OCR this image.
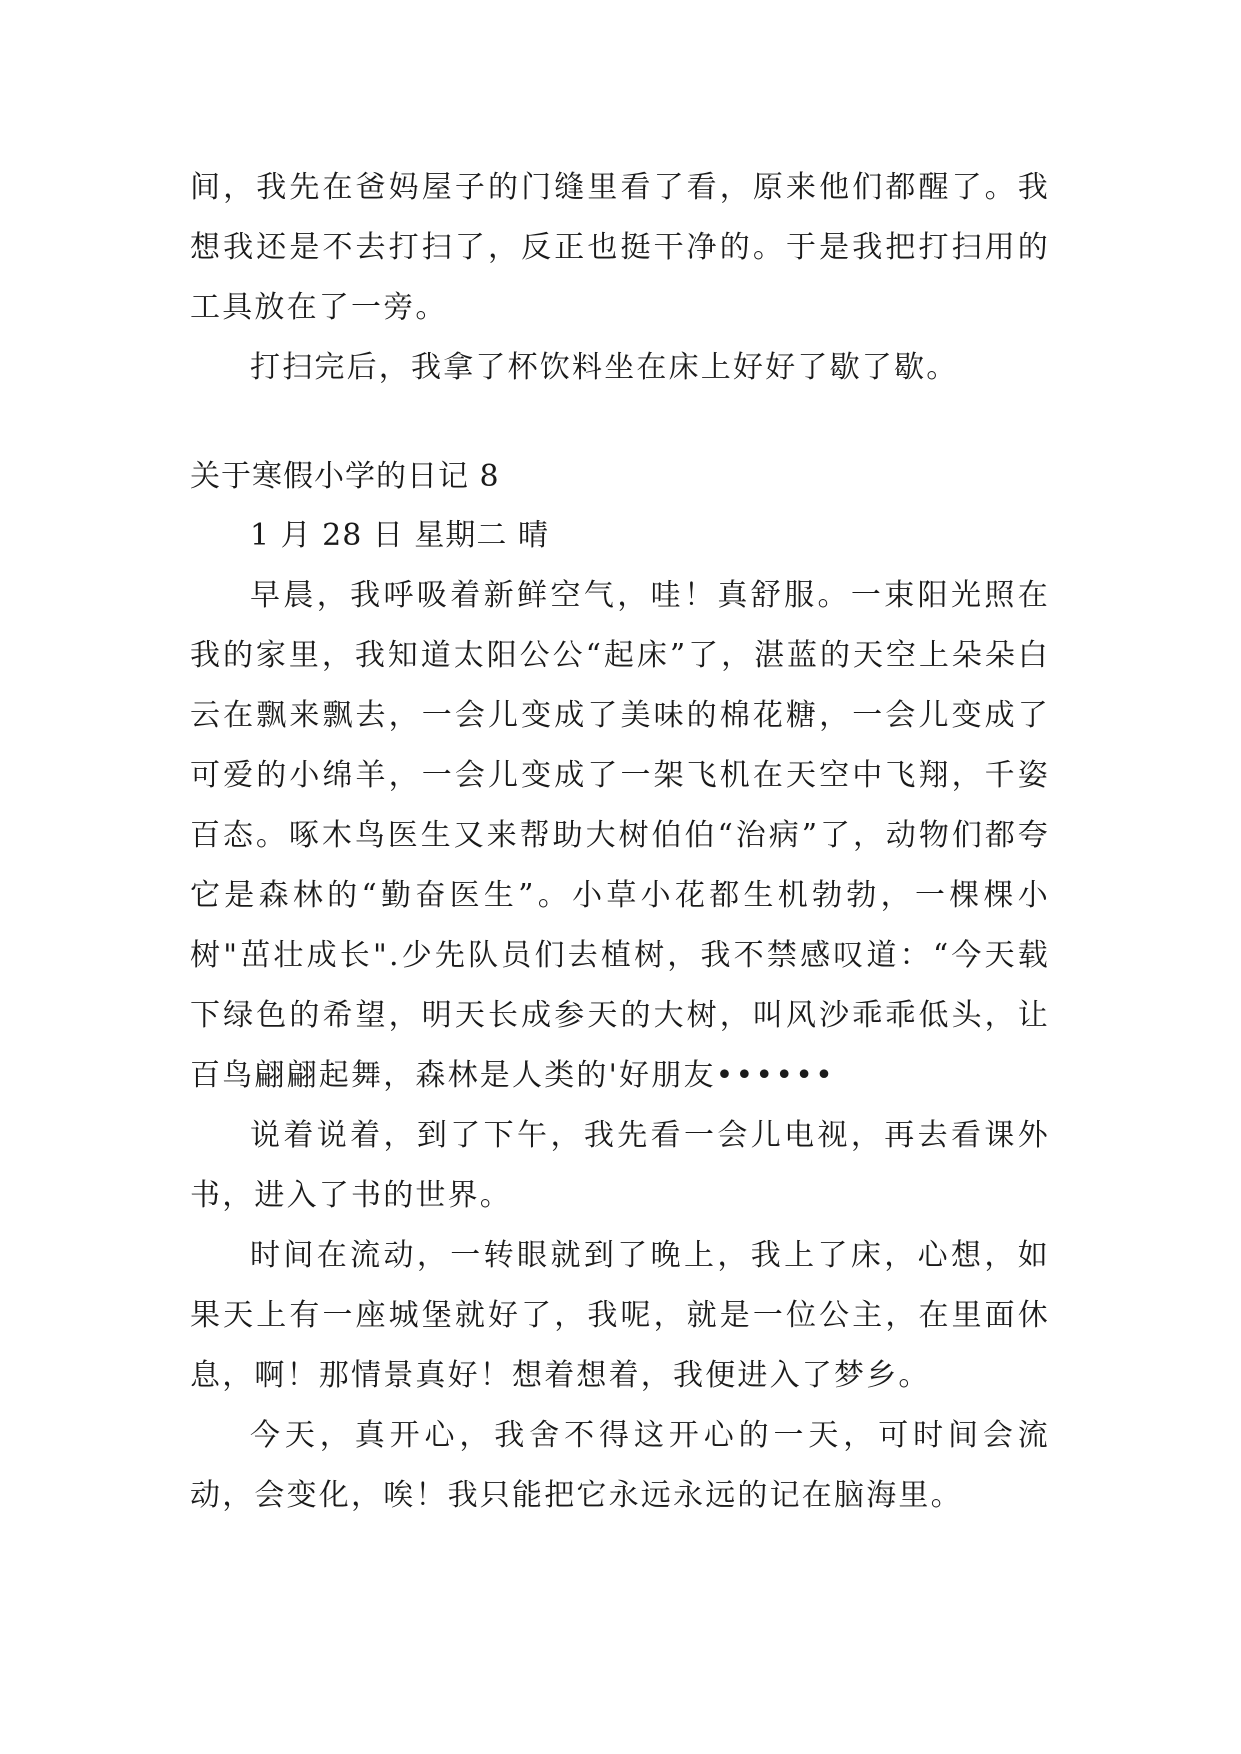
间，我先在爸妈屋子的门缝里看了看，原来他们都醒了。我想我还是不去打扫了，反正也挺干净的。于是我把打扫用的工具放在了一旁。

打扫完后，我拿了杯饮料坐在床上好好了歇了歇。

关于寒假小学的日记 8

1 月 28 日 星期二 晴

早晨，我呼吸着新鲜空气，哇！真舒服。一束阳光照在我的家里，我知道太阳公公“起床”了，湛蓝的天空上朵朵白云在飘来飘去，一会儿变成了美味的棉花糖，一会儿变成了可爱的小绵羊，一会儿变成了一架飞机在天空中飞翔，千姿百态。啄木鸟医生又来帮助大树伯伯“治病”了，动物们都夸它是森林的“勤奋医生”。小草小花都生机勃勃，一棵棵小树"茁壮成长".少先队员们去植树，我不禁感叹道：“今天载下绿色的希望，明天长成参天的大树，叫风沙乖乖低头，让百鸟翩翩起舞，森林是人类的'好朋友••••••

说着说着，到了下午，我先看一会儿电视，再去看课外书，进入了书的世界。

时间在流动，一转眼就到了晚上，我上了床，心想，如果天上有一座城堡就好了，我呢，就是一位公主，在里面休息，啊！那情景真好！想着想着，我便进入了梦乡。

今天，真开心，我舍不得这开心的一天，可时间会流动，会变化，唉！我只能把它永远永远的记在脑海里。
